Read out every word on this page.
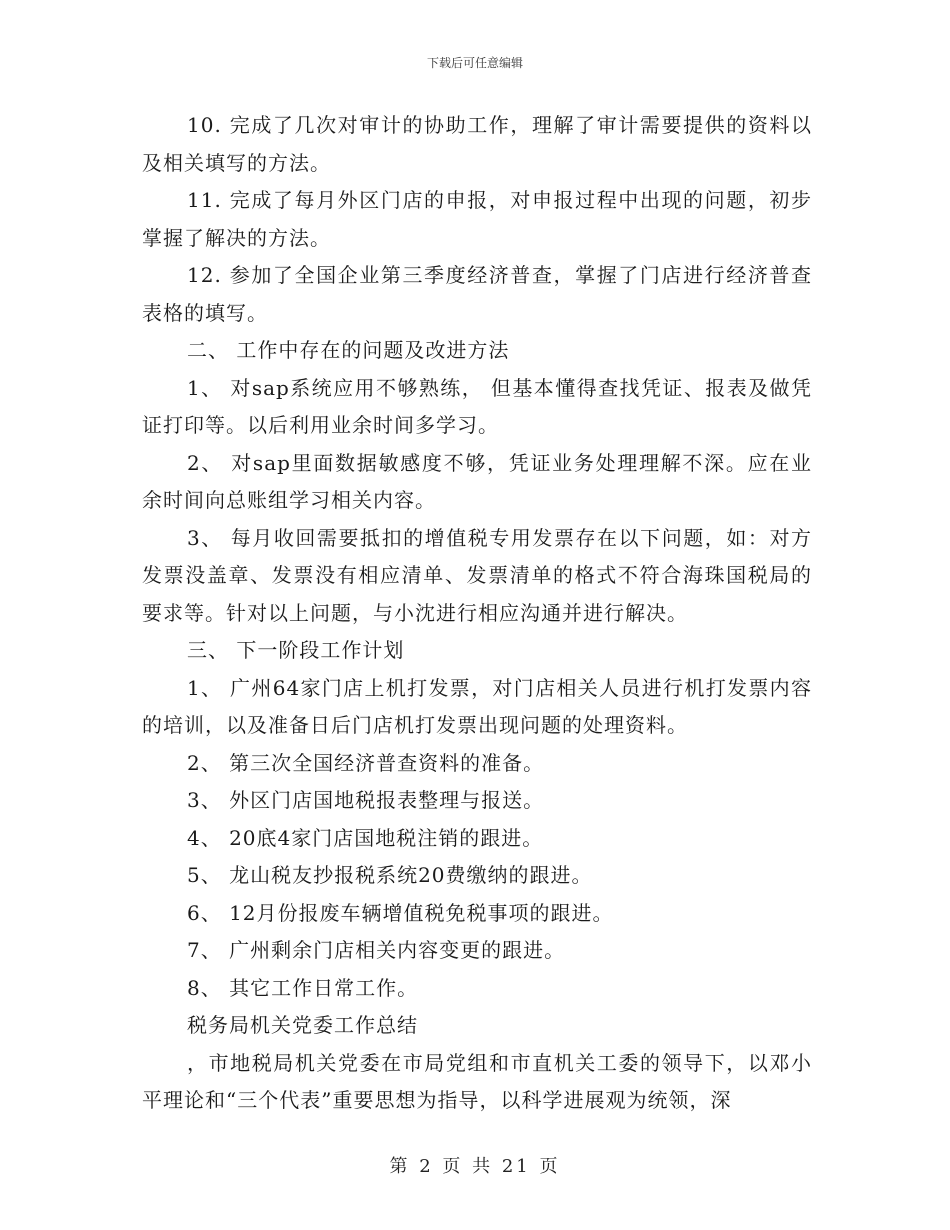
下载后可任意编辑

10. 完成了几次对审计的协助工作，理解了审计需要提供的资料以及相关填写的方法。

11. 完成了每月外区门店的申报，对申报过程中出现的问题，初步掌握了解决的方法。

12. 参加了全国企业第三季度经济普查，掌握了门店进行经济普查表格的填写。

二、 工作中存在的问题及改进方法

1、 对sap系统应用不够熟练， 但基本懂得查找凭证、报表及做凭证打印等。以后利用业余时间多学习。

2、 对sap里面数据敏感度不够，凭证业务处理理解不深。应在业余时间向总账组学习相关内容。

3、 每月收回需要抵扣的增值税专用发票存在以下问题，如：对方发票没盖章、发票没有相应清单、发票清单的格式不符合海珠国税局的要求等。针对以上问题，与小沈进行相应沟通并进行解决。

三、 下一阶段工作计划

1、 广州64家门店上机打发票，对门店相关人员进行机打发票内容的培训，以及准备日后门店机打发票出现问题的处理资料。

2、 第三次全国经济普查资料的准备。

3、 外区门店国地税报表整理与报送。

4、 20底4家门店国地税注销的跟进。

5、 龙山税友抄报税系统20费缴纳的跟进。

6、 12月份报废车辆增值税免税事项的跟进。

7、 广州剩余门店相关内容变更的跟进。

8、 其它工作日常工作。

税务局机关党委工作总结

，市地税局机关党委在市局党组和市直机关工委的领导下，以邓小平理论和“三个代表”重要思想为指导，以科学进展观为统领，深

第 2 页 共 21 页
